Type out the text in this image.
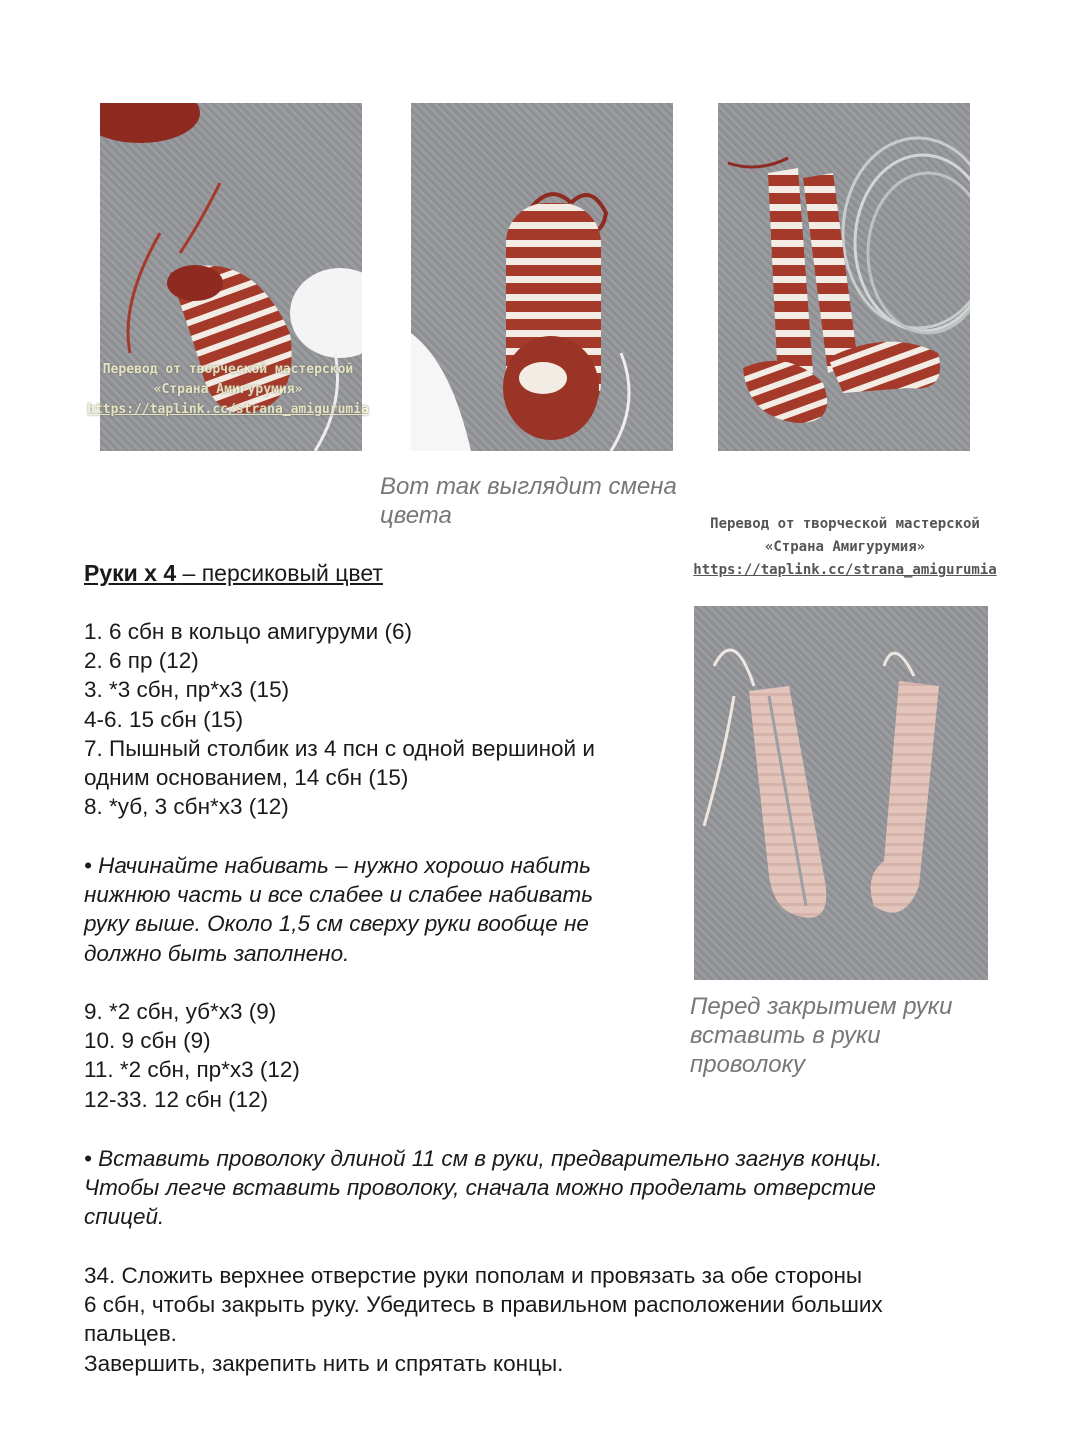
Перевод от творческой мастерской
«Страна Амигурумия»
https://taplink.cc/strana_amigurumia
Вот так выглядит смена
цвета	Перевод от творческой мастерской
«Страна Амигурумия»
https://taplink.cc/strana_amigurumia
Руки х 4 – персиковый цвет
Перед закрытием руки
вставить в руки
проволоку
1. 6 сбн в кольцо амигуруми (6)
2. 6 пр (12)
3. *3 сбн, пр*х3 (15)
4-6. 15 сбн (15)
7. Пышный столбик из 4 псн с одной вершиной и
одним основанием, 14 сбн (15)
8. *уб, 3 сбн*х3 (12)
• Начинайте набивать – нужно хорошо набить
нижнюю часть и все слабее и слабее набивать
руку выше. Около 1,5 см сверху руки вообще не
должно быть заполнено.
9. *2 сбн, уб*х3 (9)
10. 9 сбн (9)
11. *2 сбн, пр*х3 (12)
12-33. 12 сбн (12)
• Вставить проволоку длиной 11 см в руки, предварительно загнув концы.
Чтобы легче вставить проволоку, сначала можно проделать отверстие
спицей.
34. Сложить верхнее отверстие руки пополам и провязать за обе стороны
6 сбн, чтобы закрыть руку. Убедитесь в правильном расположении больших
пальцев.
Завершить, закрепить нить и спрятать концы.
